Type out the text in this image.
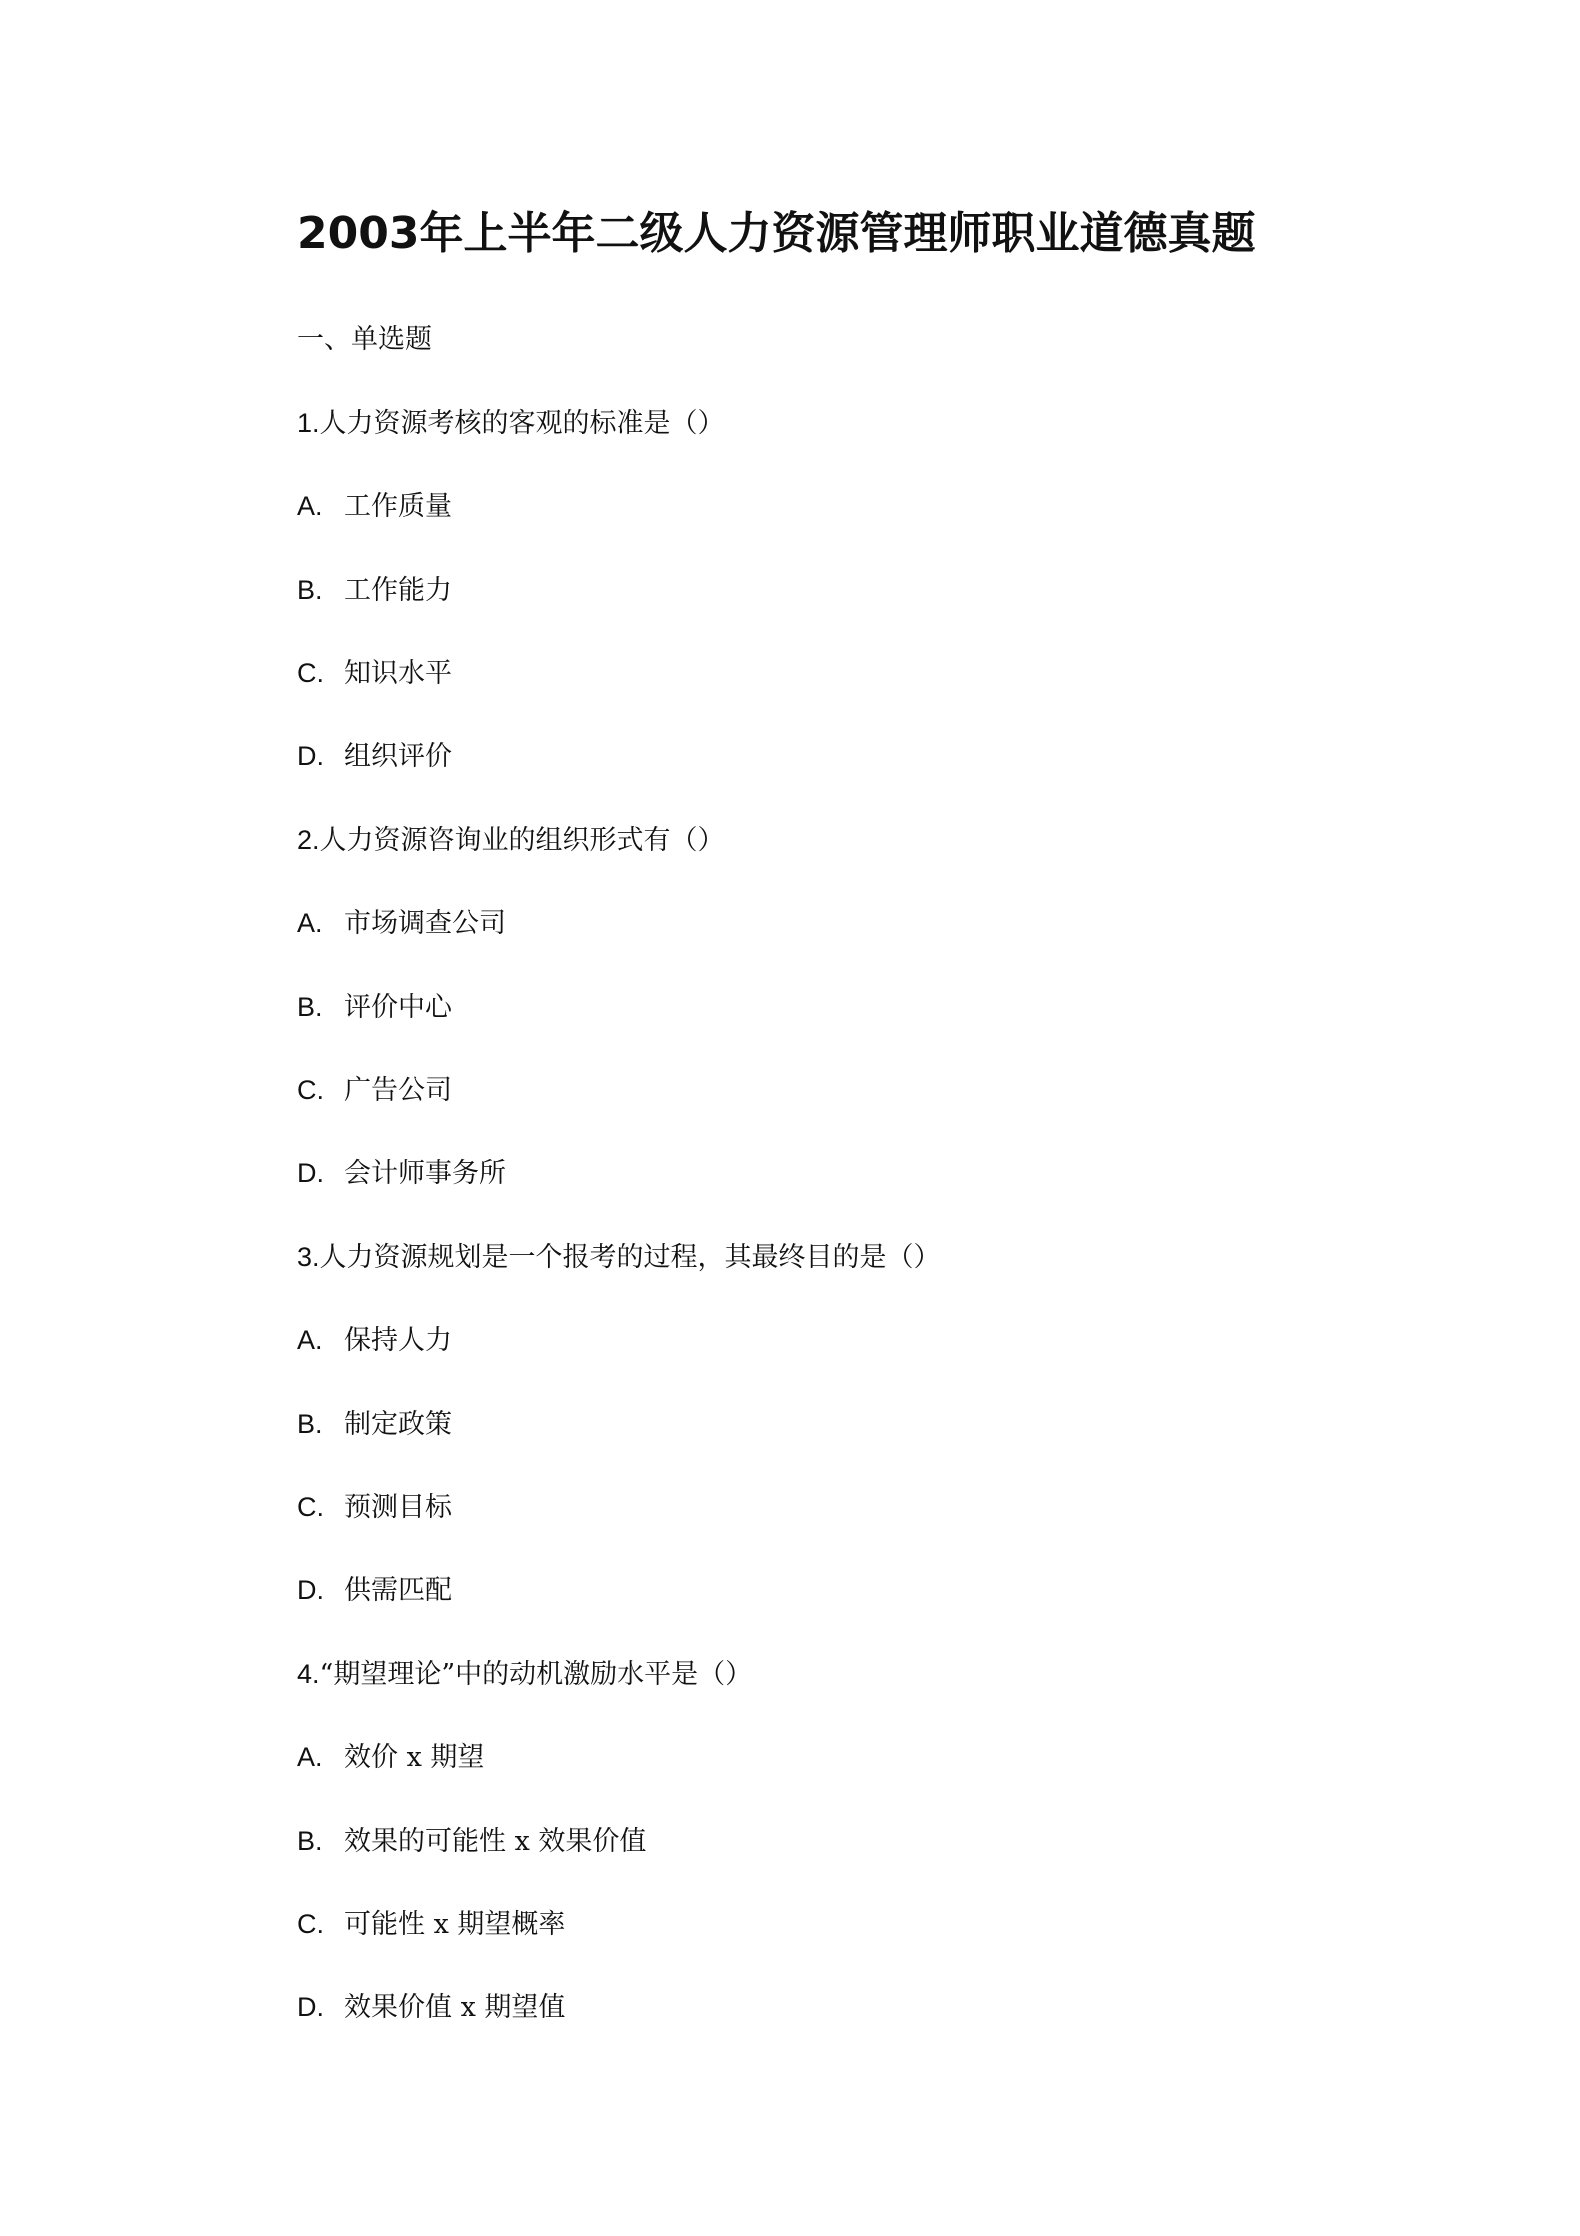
2003年上半年二级人力资源管理师职业道德真题
一、单选题
1.人力资源考核的客观的标准是（）
A. 工作质量
B. 工作能力
C. 知识水平
D. 组织评价
2.人力资源咨询业的组织形式有（）
A. 市场调查公司
B. 评价中心
C. 广告公司
D. 会计师事务所
3.人力资源规划是一个报考的过程，其最终目的是（）
A. 保持人力
B. 制定政策
C. 预测目标
D. 供需匹配
4.“期望理论”中的动机激励水平是（）
A. 效价 x 期望
B. 效果的可能性 x 效果价值
C. 可能性 x 期望概率
D. 效果价值 x 期望值
